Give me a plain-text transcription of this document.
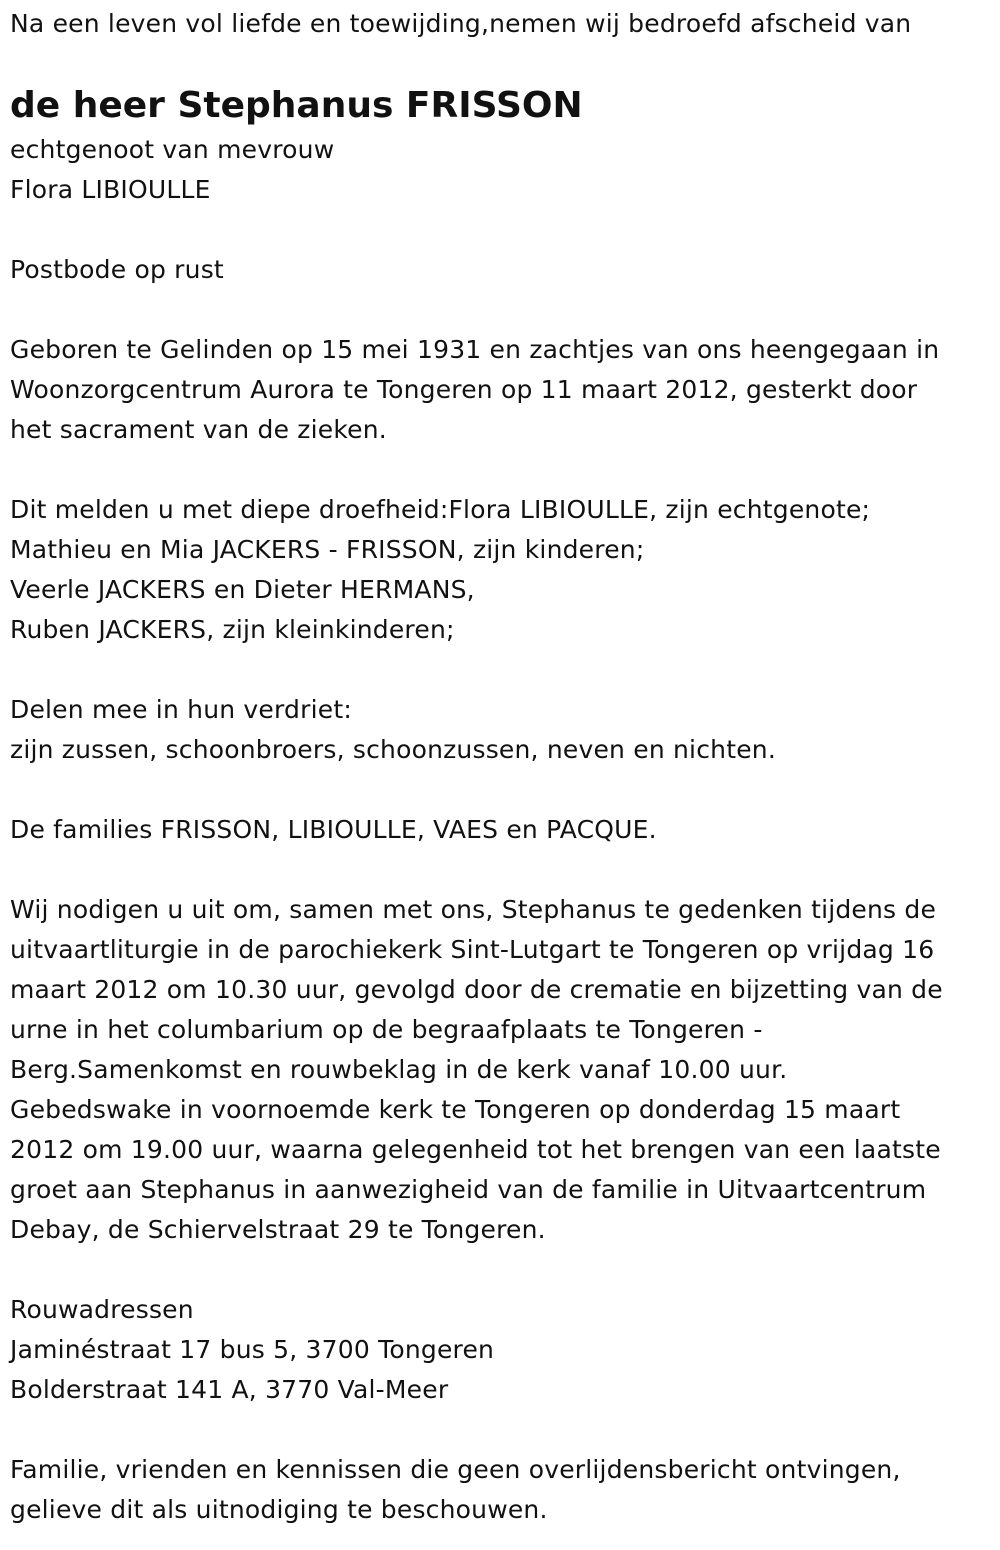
Na een leven vol liefde en toewijding,nemen wij bedroefd afscheid van
de heer Stephanus FRISSON
echtgenoot van mevrouw
Flora LIBIOULLE
Postbode op rust
Geboren te Gelinden op 15 mei 1931 en zachtjes van ons heengegaan in
Woonzorgcentrum Aurora te Tongeren op 11 maart 2012, gesterkt door
het sacrament van de zieken.
Dit melden u met diepe droefheid:Flora LIBIOULLE, zijn echtgenote;
Mathieu en Mia JACKERS - FRISSON, zijn kinderen;
Veerle JACKERS en Dieter HERMANS,
Ruben JACKERS, zijn kleinkinderen;
Delen mee in hun verdriet:
zijn zussen, schoonbroers, schoonzussen, neven en nichten.
De families FRISSON, LIBIOULLE, VAES en PACQUE.
Wij nodigen u uit om, samen met ons, Stephanus te gedenken tijdens de
uitvaartliturgie in de parochiekerk Sint-Lutgart te Tongeren op vrijdag 16
maart 2012 om 10.30 uur, gevolgd door de crematie en bijzetting van de
urne in het columbarium op de begraafplaats te Tongeren -
Berg.Samenkomst en rouwbeklag in de kerk vanaf 10.00 uur.
Gebedswake in voornoemde kerk te Tongeren op donderdag 15 maart
2012 om 19.00 uur, waarna gelegenheid tot het brengen van een laatste
groet aan Stephanus in aanwezigheid van de familie in Uitvaartcentrum
Debay, de Schiervelstraat 29 te Tongeren.
Rouwadressen
Jaminéstraat 17 bus 5, 3700 Tongeren
Bolderstraat 141 A, 3770 Val-Meer
Familie, vrienden en kennissen die geen overlijdensbericht ontvingen,
gelieve dit als uitnodiging te beschouwen.
